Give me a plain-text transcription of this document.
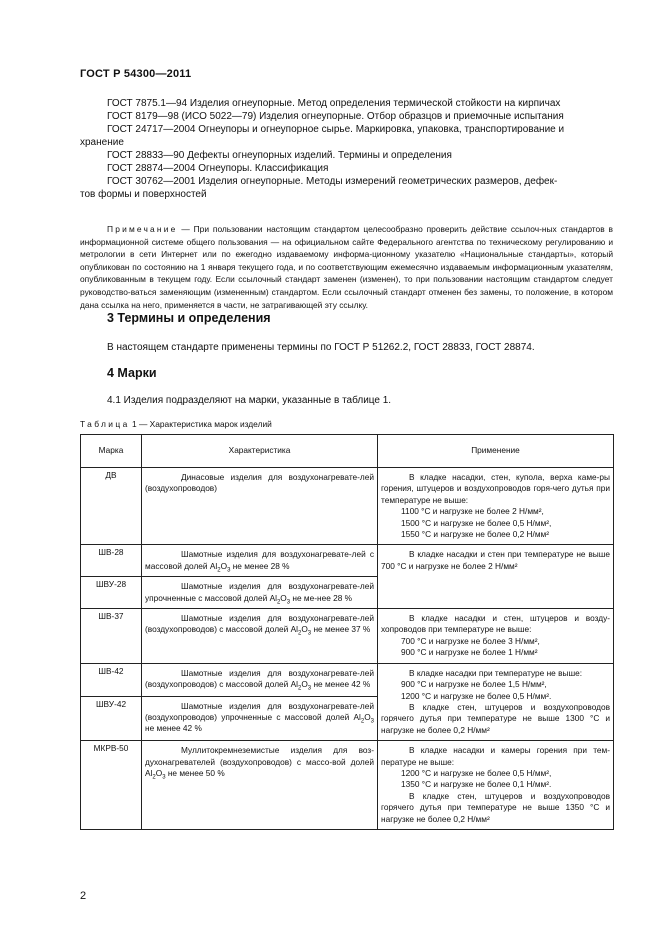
ГОСТ Р 54300—2011
ГОСТ 7875.1—94 Изделия огнеупорные. Метод определения термической стойкости на кирпичах
ГОСТ 8179—98 (ИСО 5022—79) Изделия огнеупорные. Отбор образцов и приемочные испытания
ГОСТ 24717—2004 Огнеупоры и огнеупорное сырье. Маркировка, упаковка, транспортирование и
хранение
ГОСТ 28833—90 Дефекты огнеупорных изделий. Термины и определения
ГОСТ 28874—2004 Огнеупоры. Классификация
ГОСТ 30762—2001 Изделия огнеупорные. Методы измерений геометрических размеров, дефек-
тов формы и поверхностей
Примечание — При пользовании настоящим стандартом целесообразно проверить действие ссылоч-ных стандартов в информационной системе общего пользования — на официальном сайте Федерального агентства по техническому регулированию и метрологии в сети Интернет или по ежегодно издаваемому информа-ционному указателю «Национальные стандарты», который опубликован по состоянию на 1 января текущего года, и по соответствующим ежемесячно издаваемым информационным указателям, опубликованным в текущем году. Если ссылочный стандарт заменен (изменен), то при пользовании настоящим стандартом следует руководство-ваться заменяющим (измененным) стандартом. Если ссылочный стандарт отменен без замены, то положение, в котором дана ссылка на него, применяется в части, не затрагивающей эту ссылку.
3 Термины и определения
В настоящем стандарте применены термины по ГОСТ Р 51262.2, ГОСТ 28833, ГОСТ 28874.
4 Марки
4.1 Изделия подразделяют на марки, указанные в таблице 1.
Таблица 1 — Характеристика марок изделий
Марка	Характеристика	Применение
ДВ	Динасовые изделия для воздухонагревате-лей (воздухопроводов)	В кладке насадки, стен, купола, верха каме-ры горения, штуцеров и воздухопроводов горя-чего дутья при температуре не выше:
1100 °С и нагрузке не более 2 Н/мм²,
1500 °С и нагрузке не более 0,5 Н/мм²,
1550 °С и нагрузке не более 0,2 Н/мм²

ШВ-28	Шамотные изделия для воздухонагревате-лей с массовой долей $Al_2O_3$ не менее 28 %	В кладке насадки и стен при температуре не выше 700 °С и нагрузке не более 2 Н/мм²

ШВУ-28	Шамотные изделия для воздухонагревате-лей упрочненные с массовой долей $Al_2O_3$ не ме-нее 28 %	

ШВ-37	Шамотные изделия для воздухонагревате-лей (воздухопроводов) с массовой долей $Al_2O_3$ не менее 37 %	В кладке насадки и стен, штуцеров и возду-хопроводов при температуре не выше:
700 °С и нагрузке не более 3 Н/мм²,
900 °С и нагрузке не более 1 Н/мм²

ШВ-42	Шамотные изделия для воздухонагревате-лей (воздухопроводов) с массовой долей $Al_2O_3$ не менее 42 %	В кладке насадки при температуре не выше:
900 °С и нагрузке не более 1,5 Н/мм²,
1200 °С и нагрузке не более 0,5 Н/мм².
В кладке стен, штуцеров и воздухопроводов горячего дутья при температуре не выше 1300 °С и нагрузке не более 0,2 Н/мм²

ШВУ-42	Шамотные изделия для воздухонагревате-лей (воздухопроводов) упрочненные с массовой долей $Al_2O_3$ не менее 42 %	

МКРВ-50	Муллитокремнеземистые изделия для воз-духонагревателей (воздухопроводов) с массо-вой долей $Al_2O_3$ не менее 50 %	В кладке насадки и камеры горения при тем-пературе не выше:
1200 °С и нагрузке не более 0,5 Н/мм²,
1350 °С и нагрузке не более 0,1 Н/мм².
В кладке стен, штуцеров и воздухопроводов горячего дутья при температуре не выше 1350 °С и нагрузке не более 0,2 Н/мм²
2
